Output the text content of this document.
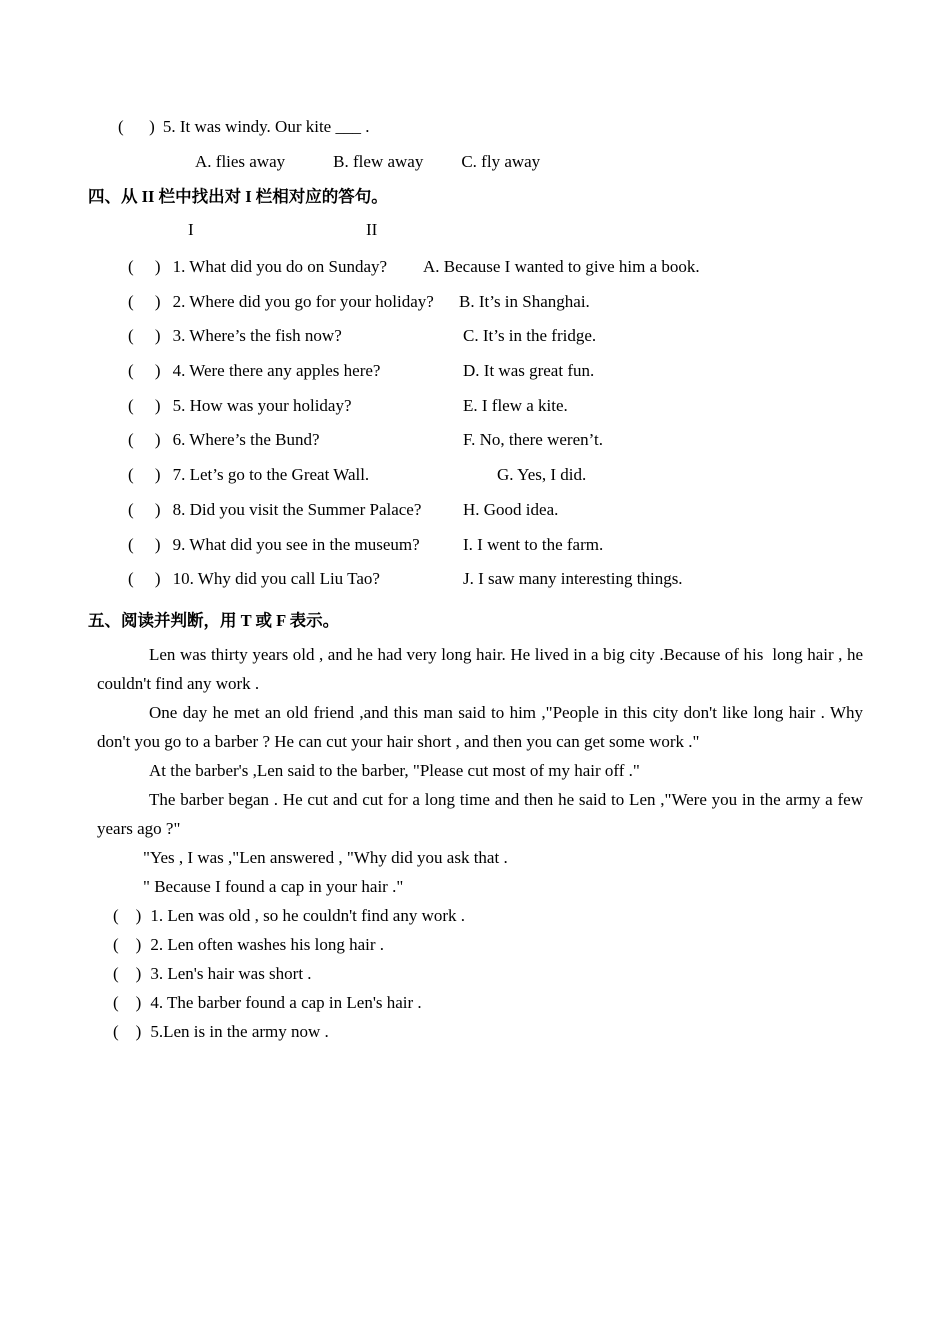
(      ) 5. It was windy. Our kite ___ .
A. flies away	B. flew away C. fly away
四、从 II 栏中找出对 I 栏相对应的答句。
I	II
(     ) 1. What did you do on Sunday? A. Because I wanted to give him a book.
(     ) 2. Where did you go for your holiday? B. It’s in Shanghai.
(     ) 3. Where’s the fish now?	C. It’s in the fridge.
(     ) 4. Were there any apples here?	D. It was great fun.
(     ) 5. How was your holiday?	E. I flew a kite.
(     ) 6. Where’s the Bund?	F. No, there weren’t.
(     ) 7. Let’s go to the Great Wall.	G. Yes, I did.
(     ) 8. Did you visit the Summer Palace? H. Good idea.
(     ) 9. What did you see in the museum?	I. I went to the farm.
(     ) 10. Why did you call Liu Tao?	J. I saw many interesting things.
五、阅读并判断，用 T 或 F 表示。

Len was thirty years old , and he had very long hair. He lived in a big city .Because of his  long hair , he couldn't find any work .

One day he met an old friend ,and this man said to him ,"People in this city don't like long hair . Why don't you go to a barber ? He can cut your hair short , and then you can get some work ."

At the barber's ,Len said to the barber, "Please cut most of my hair off ."

The barber began . He cut and cut for a long time and then he said to Len ,"Were you in the army a few years ago ?"

"Yes , I was ,"Len answered , "Why did you ask that .

" Because I found a cap in your hair ."

(    ) 1. Len was old , so he couldn't find any work .
(    ) 2. Len often washes his long hair .
(    ) 3. Len's hair was short .
(    ) 4. The barber found a cap in Len's hair .
(    ) 5.Len is in the army now .
